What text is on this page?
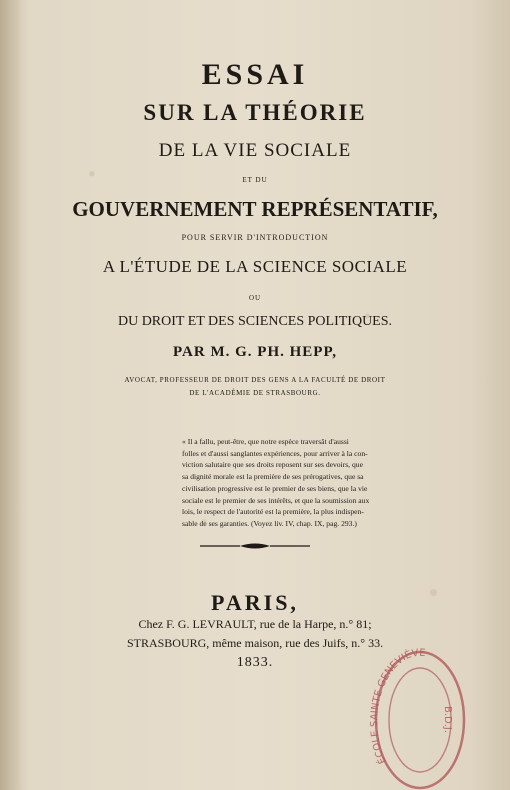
ESSAI
SUR LA THÉORIE
DE LA VIE SOCIALE
ET DU
GOUVERNEMENT REPRÉSENTATIF,
POUR SERVIR D'INTRODUCTION
A L'ÉTUDE DE LA SCIENCE SOCIALE
OU
DU DROIT ET DES SCIENCES POLITIQUES.
PAR M. G. PH. HEPP,
AVOCAT, PROFESSEUR DE DROIT DES GENS A LA FACULTÉ DE DROIT
DE L'ACADÉMIE DE STRASBOURG.
« Il a fallu, peut-être, que notre espèce traversât d'aussi
folles et d'aussi sanglantes expériences, pour arriver à la con-
viction salutaire que ses droits reposent sur ses devoirs, que
sa dignité morale est la première de ses prérogatives, que sa
civilisation progressive est le premier de ses biens, que la vie
sociale est le premier de ses intérêts, et que la soumission aux
lois, le respect de l'autorité est la première, la plus indispen-
sable de ses garanties. (Voyez liv. IV, chap. IX, pag. 293.)
PARIS,
Chez F. G. LEVRAULT, rue de la Harpe, n.° 81;
STRASBOURG, même maison, rue des Juifs, n.° 33.
1833.
ÉCOLE SAINTE GENEVIÈVE
B.D.J.
